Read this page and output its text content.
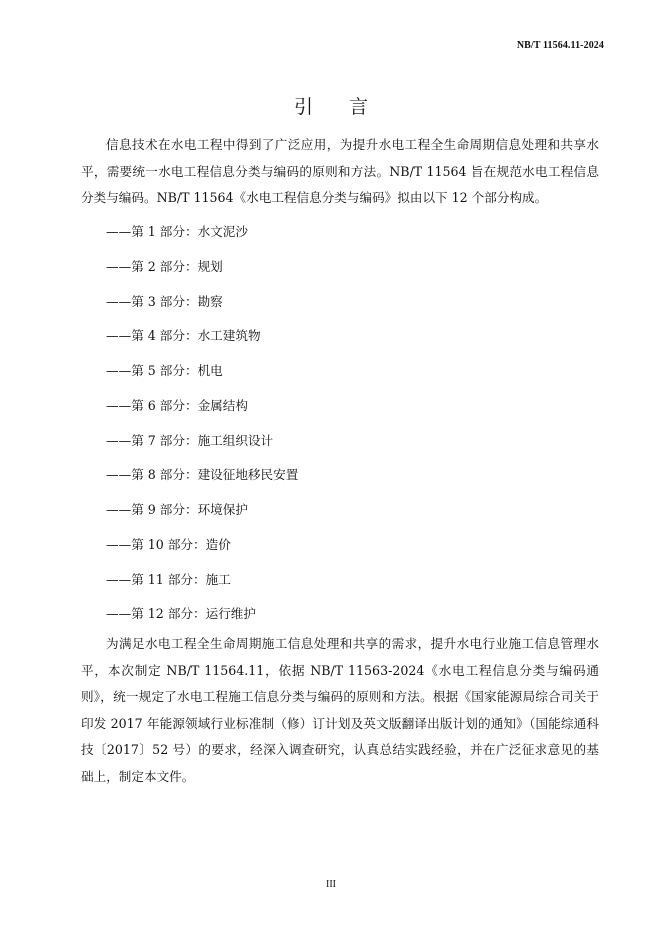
NB/T 11564.11-2024
引言

信息技术在水电工程中得到了广泛应用，为提升水电工程全生命周期信息处理和共享水平，需要统一水电工程信息分类与编码的原则和方法。NB/T 11564 旨在规范水电工程信息分类与编码。NB/T 11564《水电工程信息分类与编码》拟由以下 12 个部分构成。

——第 1 部分：水文泥沙
——第 2 部分：规划
——第 3 部分：勘察
——第 4 部分：水工建筑物
——第 5 部分：机电
——第 6 部分：金属结构
——第 7 部分：施工组织设计
——第 8 部分：建设征地移民安置
——第 9 部分：环境保护
——第 10 部分：造价
——第 11 部分：施工
——第 12 部分：运行维护

为满足水电工程全生命周期施工信息处理和共享的需求，提升水电行业施工信息管理水平，本次制定 NB/T 11564.11，依据 NB/T 11563-2024《水电工程信息分类与编码通则》，统一规定了水电工程施工信息分类与编码的原则和方法。根据《国家能源局综合司关于印发 2017 年能源领域行业标准制（修）订计划及英文版翻译出版计划的通知》（国能综通科技〔2017〕52 号）的要求，经深入调查研究，认真总结实践经验，并在广泛征求意见的基础上，制定本文件。

III
